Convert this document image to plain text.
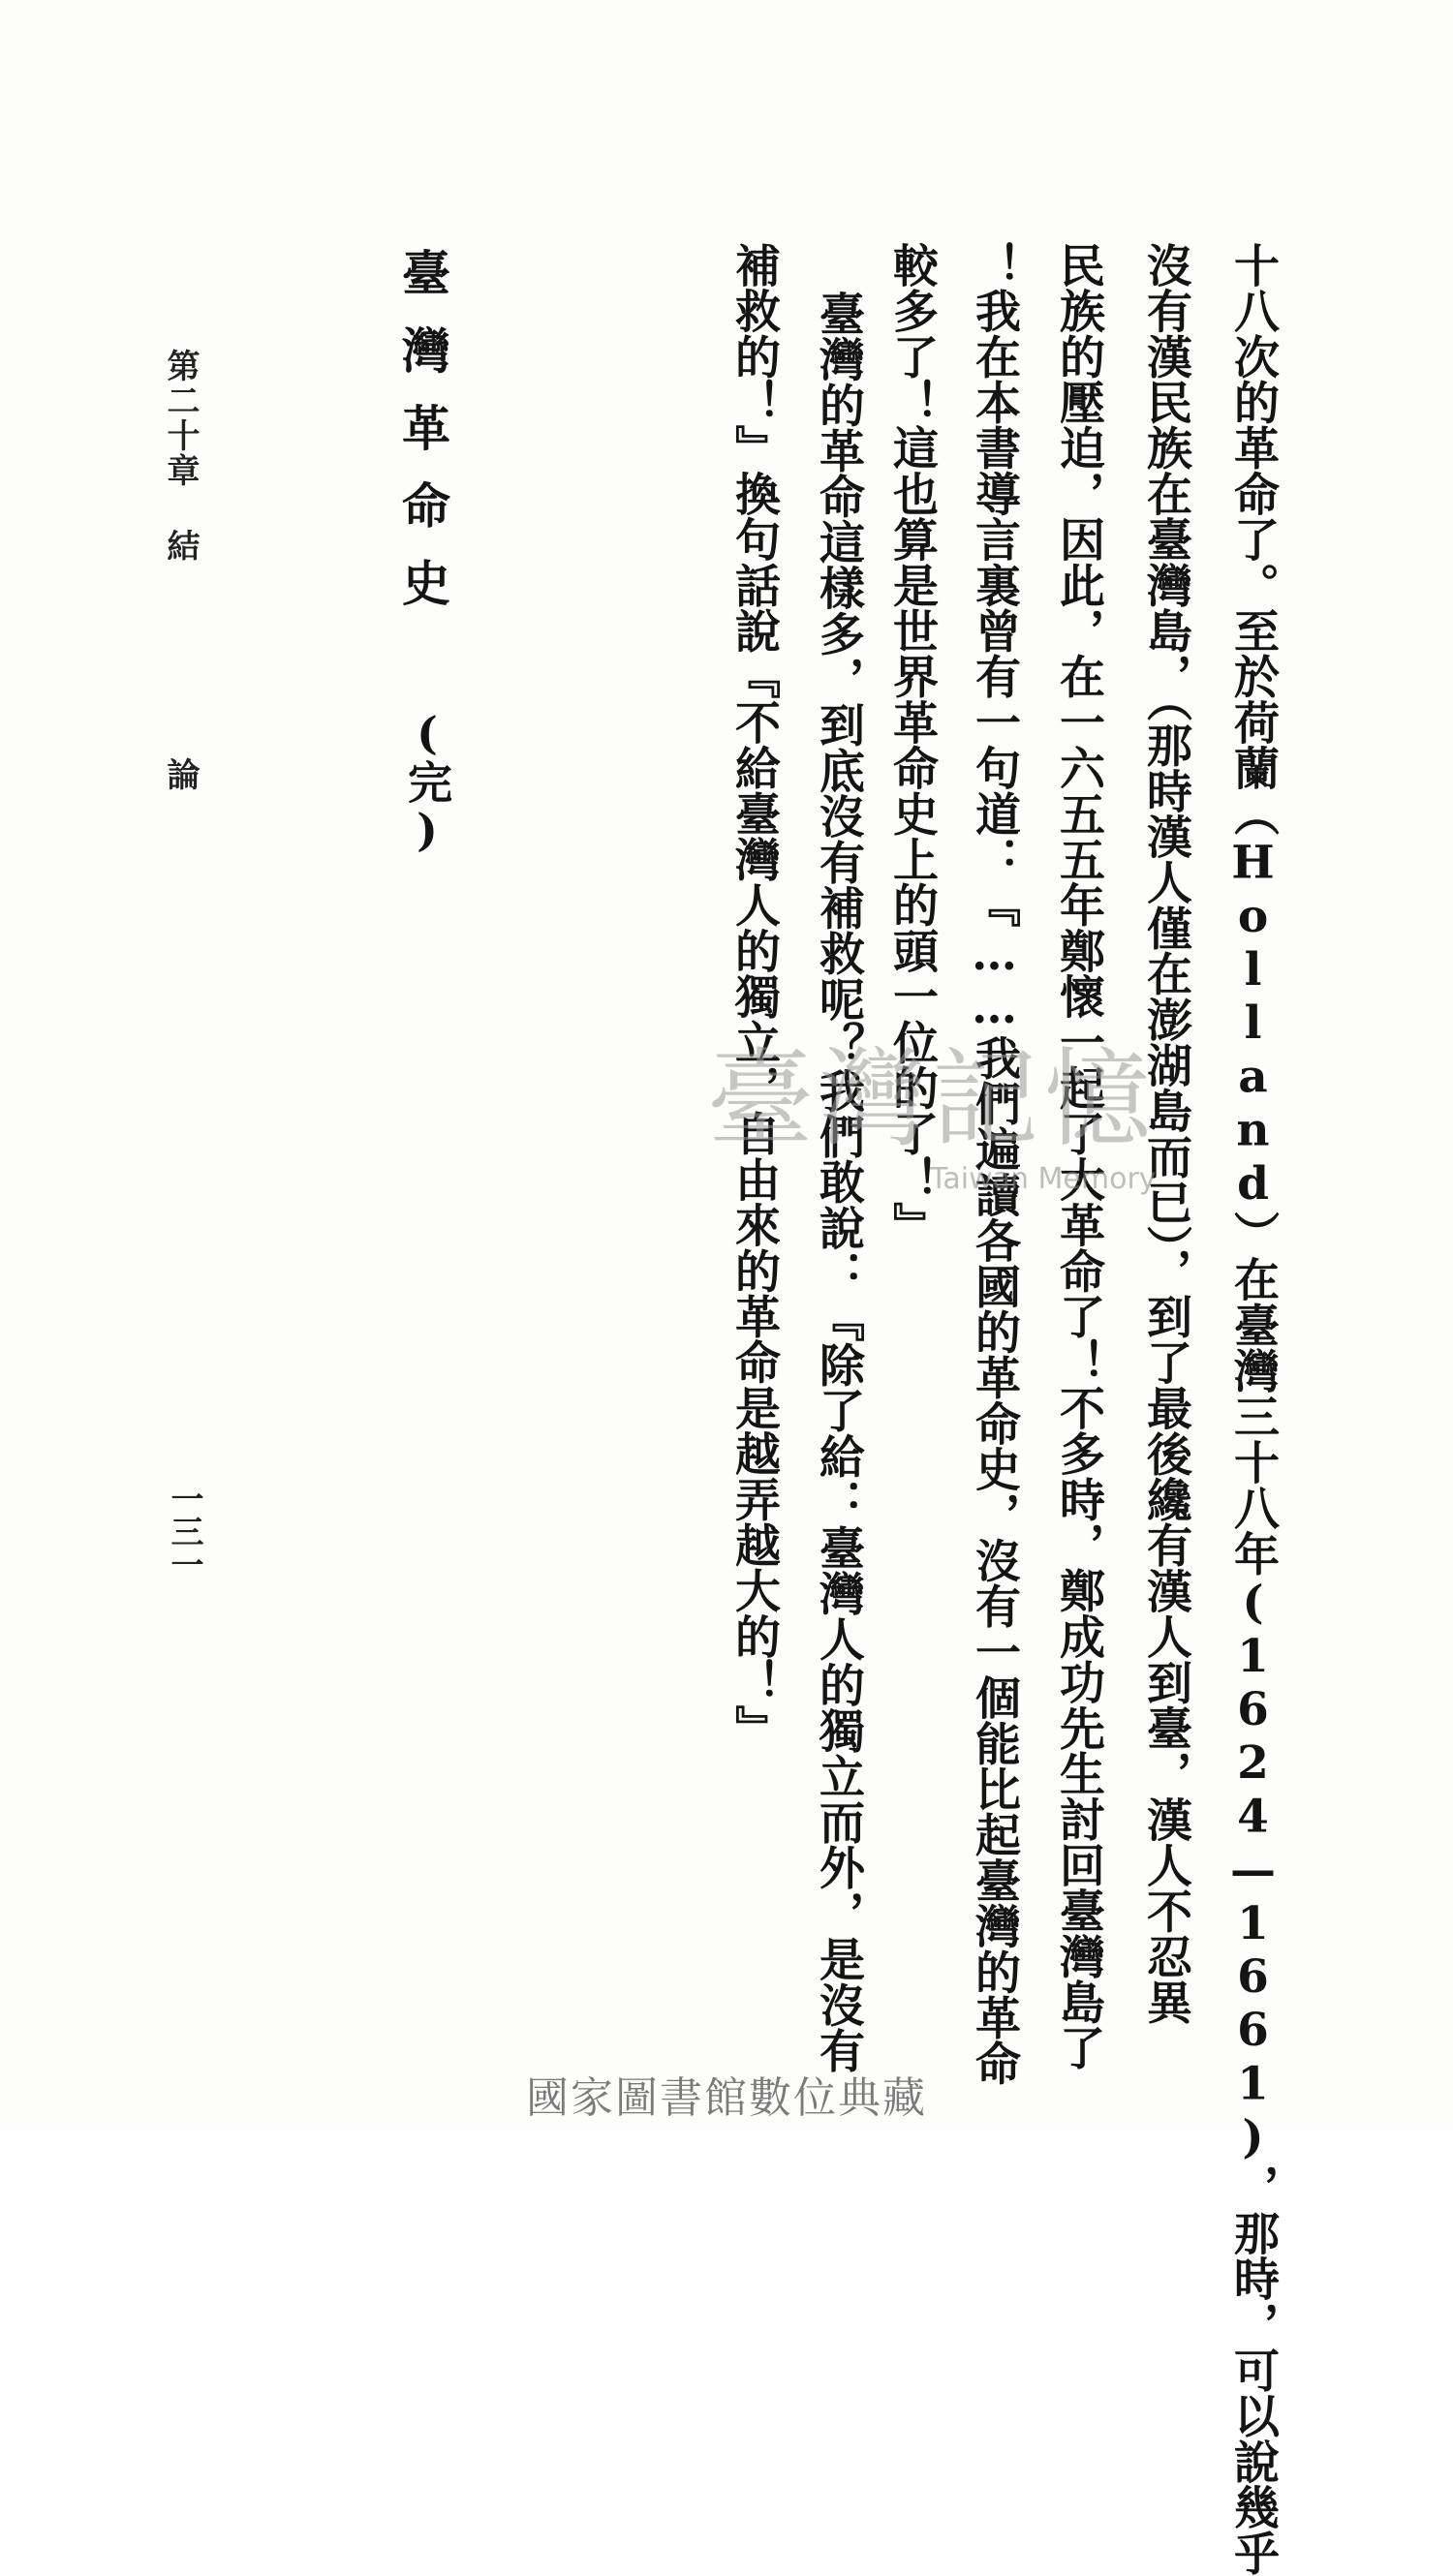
十八次的革命了。至於荷蘭（Holland）在臺灣三十八年(1624—1661)，那時，可以說幾乎
沒有漢民族在臺灣島，（那時漢人僅在澎湖島而已），到了最後纔有漢人到臺，漢人不忍異
民族的壓迫，因此，在一六五五年鄭懷一起了大革命了！不多時，鄭成功先生討回臺灣島了
！我在本書導言裏曾有一句道：『……我們遍讀各國的革命史，沒有一個能比起臺灣的革命
較多了！這也算是世界革命史上的頭一位的了！』
臺灣的革命這樣多，到底沒有補救呢？我們敢說：『除了給：臺灣人的獨立而外，是沒有
補救的！』換句話說『不給臺灣人的獨立，自由來的革命是越弄越大的！』
臺灣革命史
(完)
第二十章 結論
一三一
臺灣記憶
Taiwan Memory
國家圖書館數位典藏
